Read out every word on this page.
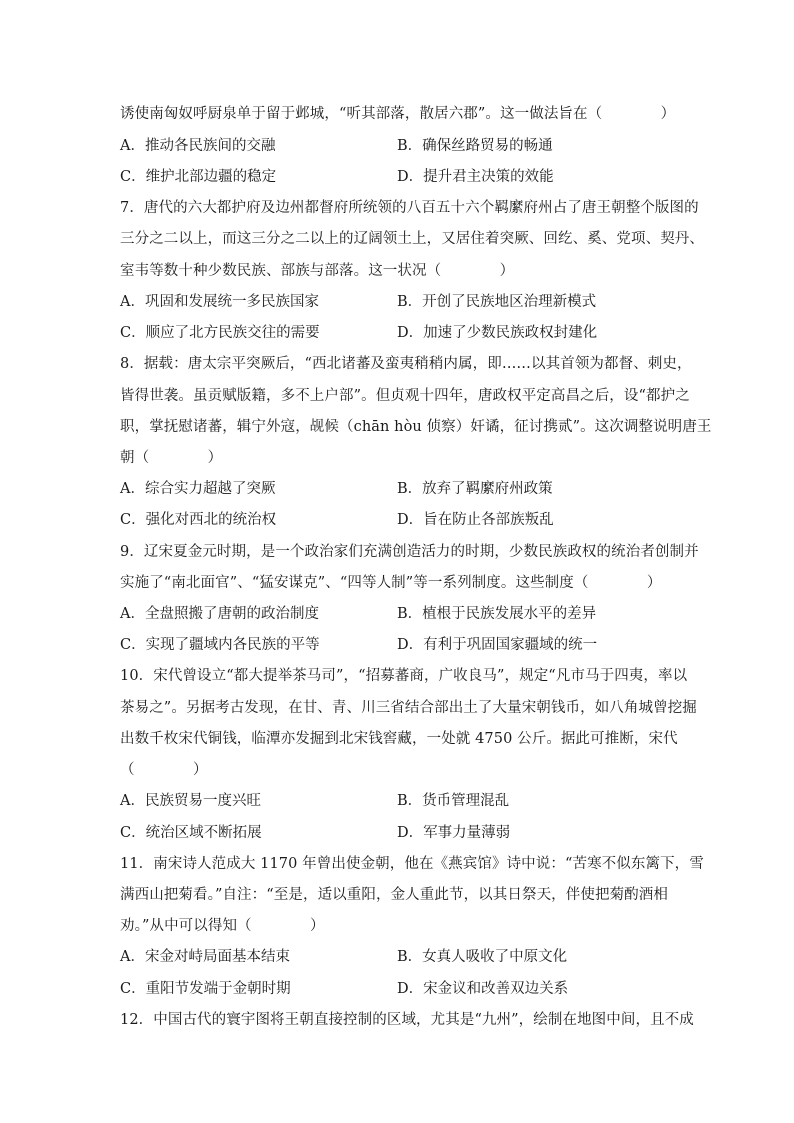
诱使南匈奴呼厨泉单于留于邺城，“听其部落，散居六郡”。这一做法旨在（　　　　）
A．推动各民族间的交融	B．确保丝路贸易的畅通
C．维护北部边疆的稳定	D．提升君主决策的效能
7．唐代的六大都护府及边州都督府所统领的八百五十六个羁縻府州占了唐王朝整个版图的
三分之二以上，而这三分之二以上的辽阔领土上，又居住着突厥、回纥、奚、党项、契丹、
室韦等数十种少数民族、部族与部落。这一状况（　　　　）
A．巩固和发展统一多民族国家	B．开创了民族地区治理新模式
C．顺应了北方民族交往的需要	D．加速了少数民族政权封建化
8．据载：唐太宗平突厥后，“西北诸蕃及蛮夷稍稍内属，即……以其首领为都督、刺史，
皆得世袭。虽贡赋版籍，多不上户部”。但贞观十四年，唐政权平定高昌之后，设“都护之
职，掌抚慰诸蕃，辑宁外寇，觇候（chān hòu 侦察）奸谲，征讨携贰”。这次调整说明唐王
朝（　　　　）
A．综合实力超越了突厥	B．放弃了羁縻府州政策
C．强化对西北的统治权	D．旨在防止各部族叛乱
9．辽宋夏金元时期，是一个政治家们充满创造活力的时期，少数民族政权的统治者创制并
实施了“南北面官”、“猛安谋克”、“四等人制”等一系列制度。这些制度（　　　　）
A．全盘照搬了唐朝的政治制度	B．植根于民族发展水平的差异
C．实现了疆域内各民族的平等	D．有利于巩固国家疆域的统一
10．宋代曾设立“都大提举茶马司”，“招募蕃商，广收良马”，规定“凡市马于四夷，率以
茶易之”。另据考古发现，在甘、青、川三省结合部出土了大量宋朝钱币，如八角城曾挖掘
出数千枚宋代铜钱，临潭亦发掘到北宋钱窖藏，一处就 4750 公斤。据此可推断，宋代
（　　　　）
A．民族贸易一度兴旺	B．货币管理混乱
C．统治区域不断拓展	D．军事力量薄弱
11．南宋诗人范成大 1170 年曾出使金朝，他在《燕宾馆》诗中说：“苦寒不似东篱下，雪
满西山把菊看。”自注：“至是，适以重阳，金人重此节，以其日祭天，伴使把菊酌酒相
劝。”从中可以得知（　　　　）
A．宋金对峙局面基本结束	B．女真人吸收了中原文化
C．重阳节发端于金朝时期	D．宋金议和改善双边关系
12．中国古代的寰宇图将王朝直接控制的区域，尤其是“九州”，绘制在地图中间，且不成
